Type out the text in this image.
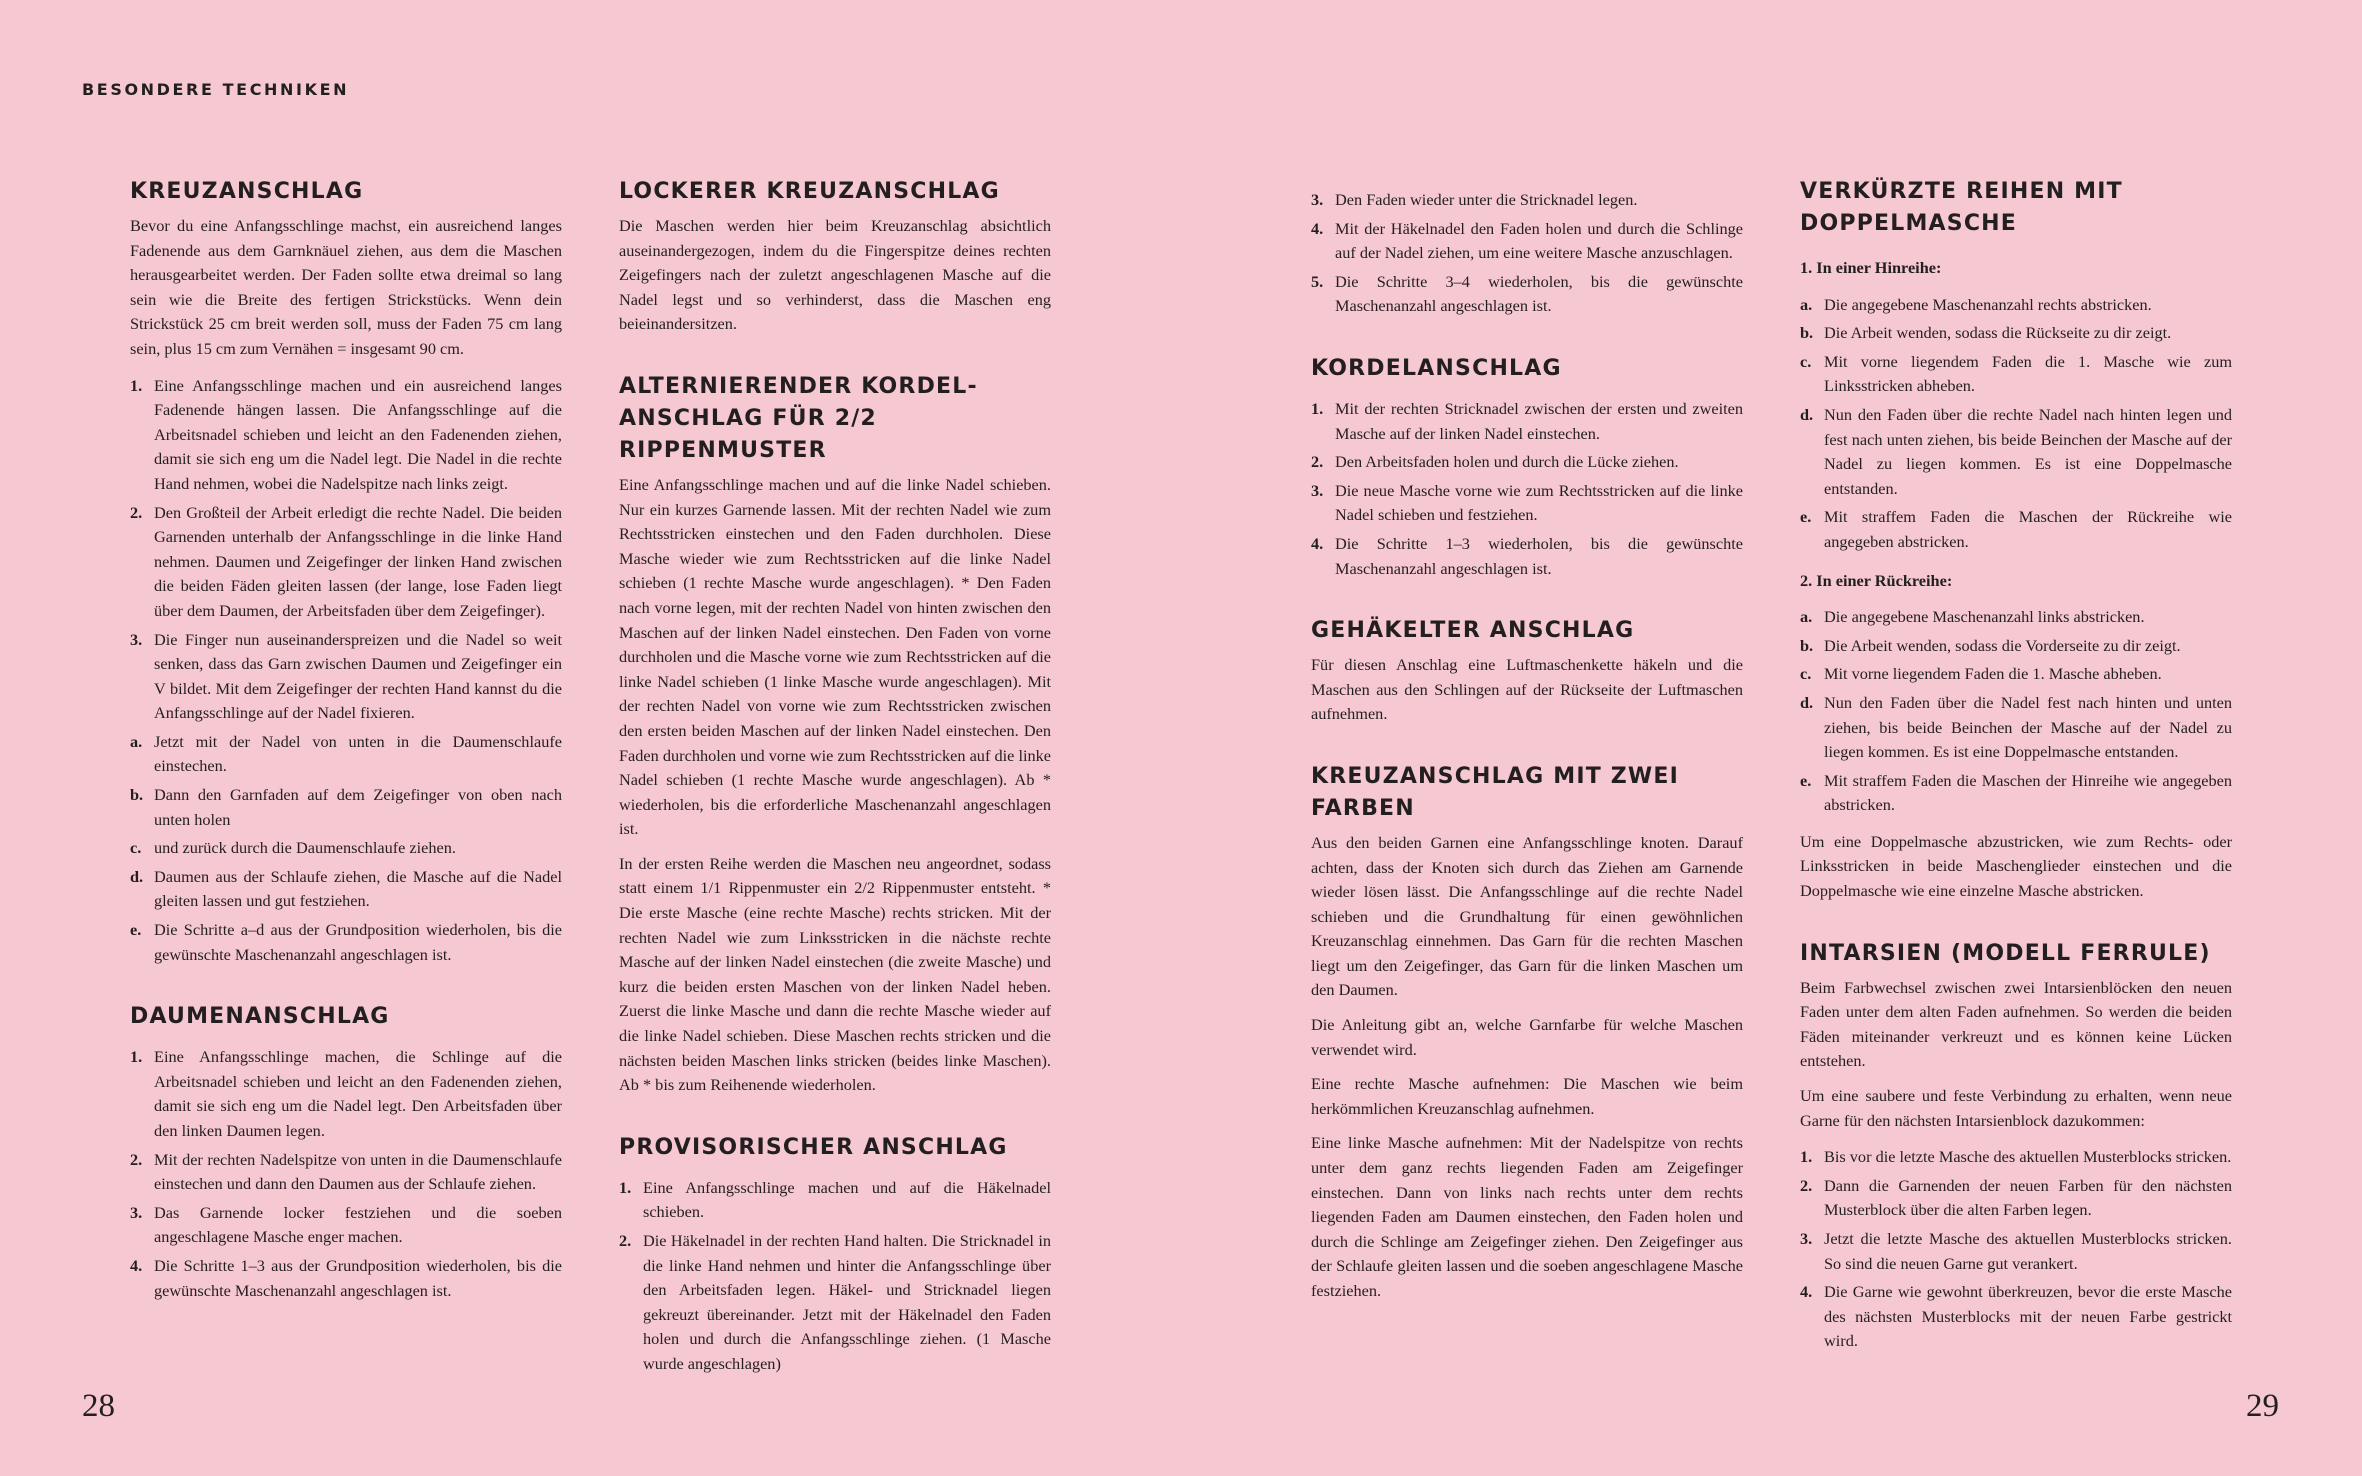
BESONDERE TECHNIKEN
KREUZANSCHLAG

Bevor du eine Anfangsschlinge machst, ein ausreichend langes Fadenende aus dem Garnknäuel ziehen, aus dem die Maschen herausgearbeitet werden. Der Faden sollte etwa dreimal so lang sein wie die Breite des fertigen Strickstücks. Wenn dein Strickstück 25 cm breit werden soll, muss der Faden 75 cm lang sein, plus 15 cm zum Vernähen = insgesamt 90 cm.

1. Eine Anfangsschlinge machen und ein ausreichend langes Fadenende hängen lassen. Die Anfangsschlinge auf die Arbeitsnadel schieben und leicht an den Fadenenden ziehen, damit sie sich eng um die Nadel legt. Die Nadel in die rechte Hand nehmen, wobei die Nadelspitze nach links zeigt.
2. Den Großteil der Arbeit erledigt die rechte Nadel. Die beiden Garnenden unterhalb der Anfangsschlinge in die linke Hand nehmen. Daumen und Zeigefinger der linken Hand zwischen die beiden Fäden gleiten lassen (der lange, lose Faden liegt über dem Daumen, der Arbeitsfaden über dem Zeigefinger).
3. Die Finger nun auseinanderspreizen und die Nadel so weit senken, dass das Garn zwischen Daumen und Zeigefinger ein V bildet. Mit dem Zeigefinger der rechten Hand kannst du die Anfangsschlinge auf der Nadel fixieren.
a. Jetzt mit der Nadel von unten in die Daumenschlaufe einstechen.
b. Dann den Garnfaden auf dem Zeigefinger von oben nach unten holen
c. und zurück durch die Daumenschlaufe ziehen.
d. Daumen aus der Schlaufe ziehen, die Masche auf die Nadel gleiten lassen und gut festziehen.
e. Die Schritte a–d aus der Grundposition wiederholen, bis die gewünschte Maschenanzahl angeschlagen ist.
DAUMENANSCHLAG
1. Eine Anfangsschlinge machen, die Schlinge auf die Arbeitsnadel schieben und leicht an den Fadenenden ziehen, damit sie sich eng um die Nadel legt. Den Arbeitsfaden über den linken Daumen legen.
2. Mit der rechten Nadelspitze von unten in die Daumenschlaufe einstechen und dann den Daumen aus der Schlaufe ziehen.
3. Das Garnende locker festziehen und die soeben angeschlagene Masche enger machen.
4. Die Schritte 1–3 aus der Grundposition wiederholen, bis die gewünschte Maschenanzahl angeschlagen ist.
LOCKERER KREUZANSCHLAG

Die Maschen werden hier beim Kreuzanschlag absichtlich auseinandergezogen, indem du die Fingerspitze deines rechten Zeigefingers nach der zuletzt angeschlagenen Masche auf die Nadel legst und so verhinderst, dass die Maschen eng beieinandersitzen.

ALTERNIERENDER KORDEL-ANSCHLAG FÜR 2/2 RIPPENMUSTER

Eine Anfangsschlinge machen und auf die linke Nadel schieben. Nur ein kurzes Garnende lassen. Mit der rechten Nadel wie zum Rechtsstricken einstechen und den Faden durchholen. Diese Masche wieder wie zum Rechtsstricken auf die linke Nadel schieben (1 rechte Masche wurde angeschlagen). * Den Faden nach vorne legen, mit der rechten Nadel von hinten zwischen den Maschen auf der linken Nadel einstechen. Den Faden von vorne durchholen und die Masche vorne wie zum Rechtsstricken auf die linke Nadel schieben (1 linke Masche wurde angeschlagen). Mit der rechten Nadel von vorne wie zum Rechtsstricken zwischen den ersten beiden Maschen auf der linken Nadel einstechen. Den Faden durchholen und vorne wie zum Rechtsstricken auf die linke Nadel schieben (1 rechte Masche wurde angeschlagen). Ab * wiederholen, bis die erforderliche Maschenanzahl angeschlagen ist.

In der ersten Reihe werden die Maschen neu angeordnet, sodass statt einem 1/1 Rippenmuster ein 2/2 Rippenmuster entsteht. * Die erste Masche (eine rechte Masche) rechts stricken. Mit der rechten Nadel wie zum Linksstricken in die nächste rechte Masche auf der linken Nadel einstechen (die zweite Masche) und kurz die beiden ersten Maschen von der linken Nadel heben. Zuerst die linke Masche und dann die rechte Masche wieder auf die linke Nadel schieben. Diese Maschen rechts stricken und die nächsten beiden Maschen links stricken (beides linke Maschen). Ab * bis zum Reihenende wiederholen.

PROVISORISCHER ANSCHLAG
1. Eine Anfangsschlinge machen und auf die Häkelnadel schieben.
2. Die Häkelnadel in der rechten Hand halten. Die Stricknadel in die linke Hand nehmen und hinter die Anfangsschlinge über den Arbeitsfaden legen. Häkel- und Stricknadel liegen gekreuzt übereinander. Jetzt mit der Häkelnadel den Faden holen und durch die Anfangsschlinge ziehen. (1 Masche wurde angeschlagen)
3. Den Faden wieder unter die Stricknadel legen.
4. Mit der Häkelnadel den Faden holen und durch die Schlinge auf der Nadel ziehen, um eine weitere Masche anzuschlagen.
5. Die Schritte 3–4 wiederholen, bis die gewünschte Maschenanzahl angeschlagen ist.
KORDELANSCHLAG
1. Mit der rechten Stricknadel zwischen der ersten und zweiten Masche auf der linken Nadel einstechen.
2. Den Arbeitsfaden holen und durch die Lücke ziehen.
3. Die neue Masche vorne wie zum Rechtsstricken auf die linke Nadel schieben und festziehen.
4. Die Schritte 1–3 wiederholen, bis die gewünschte Maschenanzahl angeschlagen ist.
GEHÄKELTER ANSCHLAG

Für diesen Anschlag eine Luftmaschenkette häkeln und die Maschen aus den Schlingen auf der Rückseite der Luftmaschen aufnehmen.

KREUZANSCHLAG MIT ZWEI FARBEN

Aus den beiden Garnen eine Anfangsschlinge knoten. Darauf achten, dass der Knoten sich durch das Ziehen am Garnende wieder lösen lässt. Die Anfangsschlinge auf die rechte Nadel schieben und die Grundhaltung für einen gewöhnlichen Kreuzanschlag einnehmen. Das Garn für die rechten Maschen liegt um den Zeigefinger, das Garn für die linken Maschen um den Daumen.

Die Anleitung gibt an, welche Garnfarbe für welche Maschen verwendet wird.

Eine rechte Masche aufnehmen: Die Maschen wie beim herkömmlichen Kreuzanschlag aufnehmen.

Eine linke Masche aufnehmen: Mit der Nadelspitze von rechts unter dem ganz rechts liegenden Faden am Zeigefinger einstechen. Dann von links nach rechts unter dem rechts liegenden Faden am Daumen einstechen, den Faden holen und durch die Schlinge am Zeigefinger ziehen. Den Zeigefinger aus der Schlaufe gleiten lassen und die soeben angeschlagene Masche festziehen.

VERKÜRZTE REIHEN MIT DOPPELMASCHE
1. In einer Hinreihe:
a. Die angegebene Maschenanzahl rechts abstricken.
b. Die Arbeit wenden, sodass die Rückseite zu dir zeigt.
c. Mit vorne liegendem Faden die 1. Masche wie zum Linksstricken abheben.
d. Nun den Faden über die rechte Nadel nach hinten legen und fest nach unten ziehen, bis beide Beinchen der Masche auf der Nadel zu liegen kommen. Es ist eine Doppelmasche entstanden.
e. Mit straffem Faden die Maschen der Rückreihe wie angegeben abstricken.
2. In einer Rückreihe:
a. Die angegebene Maschenanzahl links abstricken.
b. Die Arbeit wenden, sodass die Vorderseite zu dir zeigt.
c. Mit vorne liegendem Faden die 1. Masche abheben.
d. Nun den Faden über die Nadel fest nach hinten und unten ziehen, bis beide Beinchen der Masche auf der Nadel zu liegen kommen. Es ist eine Doppelmasche entstanden.
e. Mit straffem Faden die Maschen der Hinreihe wie angegeben abstricken.

Um eine Doppelmasche abzustricken, wie zum Rechts- oder Linksstricken in beide Maschenglieder einstechen und die Doppelmasche wie eine einzelne Masche abstricken.

INTARSIEN (MODELL FERRULE)

Beim Farbwechsel zwischen zwei Intarsienblöcken den neuen Faden unter dem alten Faden aufnehmen. So werden die beiden Fäden miteinander verkreuzt und es können keine Lücken entstehen.

Um eine saubere und feste Verbindung zu erhalten, wenn neue Garne für den nächsten Intarsienblock dazukommen:

1. Bis vor die letzte Masche des aktuellen Musterblocks stricken.
2. Dann die Garnenden der neuen Farben für den nächsten Musterblock über die alten Farben legen.
3. Jetzt die letzte Masche des aktuellen Musterblocks stricken. So sind die neuen Garne gut verankert.
4. Die Garne wie gewohnt überkreuzen, bevor die erste Masche des nächsten Musterblocks mit der neuen Farbe gestrickt wird.
28	29
